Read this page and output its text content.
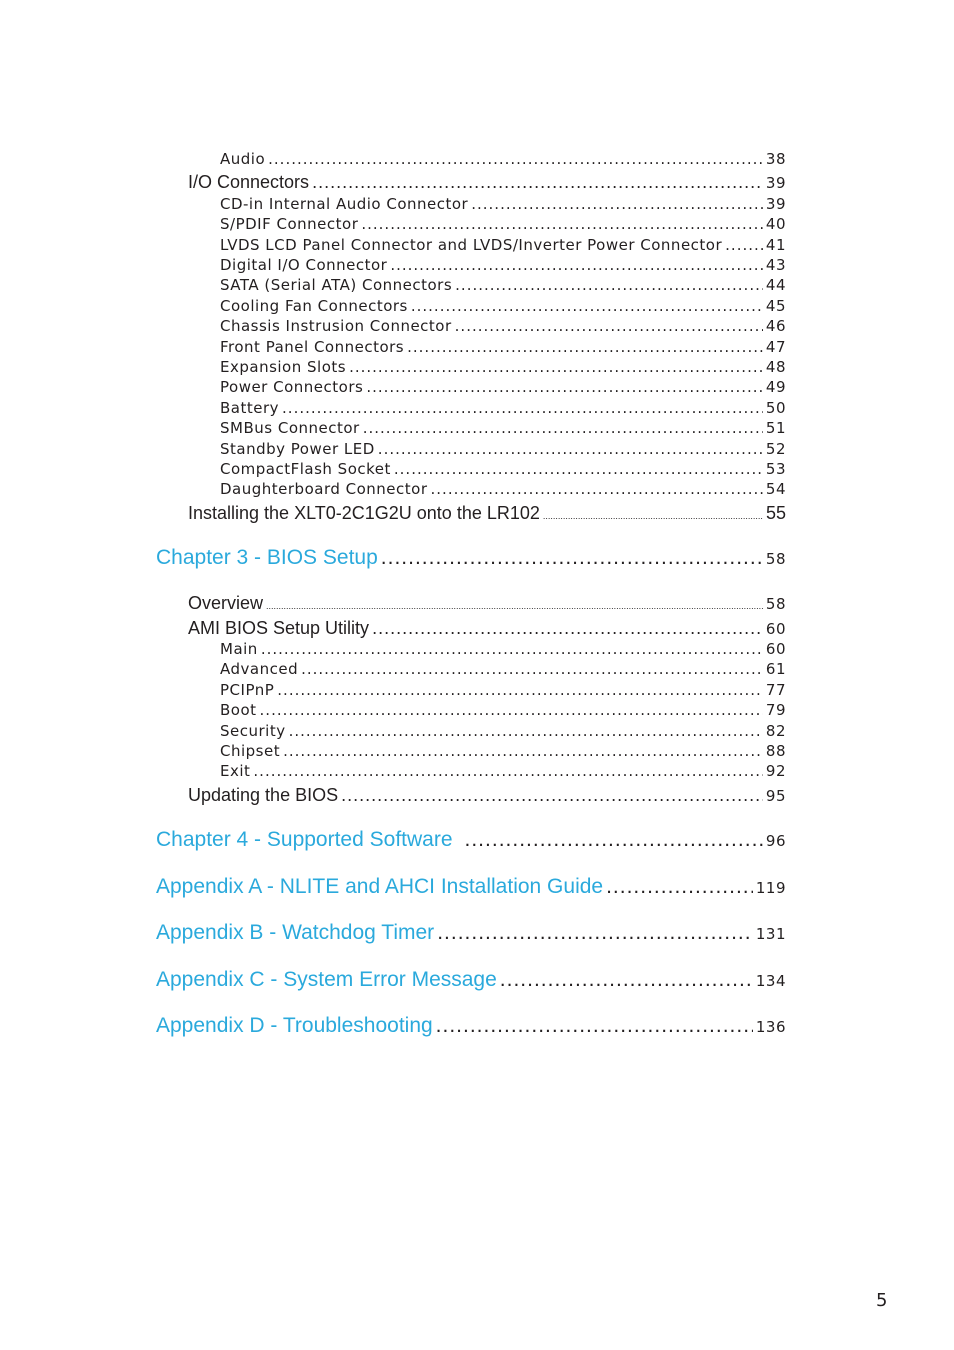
Audio .....	38
I/O Connectors .....	39
CD-in Internal Audio Connector .....	39
S/PDIF Connector .....	40
LVDS LCD Panel Connector and LVDS/Inverter Power Connector .....	41
Digital I/O Connector .....	43
SATA (Serial ATA) Connectors .....	44
Cooling Fan Connectors .....	45
Chassis Instrusion Connector .....	46
Front Panel Connectors .....	47
Expansion Slots .....	48
Power Connectors .....	49
Battery .....	50
SMBus Connector .....	51
Standby Power LED .....	52
CompactFlash Socket .....	53
Daughterboard Connector .....	54
Installing the XLT0-2C1G2U onto the LR102 .....	55
Chapter 3 - BIOS Setup .....	58
Overview .....	58
AMI BIOS Setup Utility .....	60
Main .....	60
Advanced .....	61
PCIPnP .....	77
Boot .....	79
Security .....	82
Chipset .....	88
Exit .....	92
Updating the BIOS .....	95
Chapter 4 - Supported Software .....	96
Appendix A - NLITE and AHCI Installation Guide .....	119
Appendix B - Watchdog Timer .....	131
Appendix C - System Error Message .....	134
Appendix D - Troubleshooting .....	136
5
